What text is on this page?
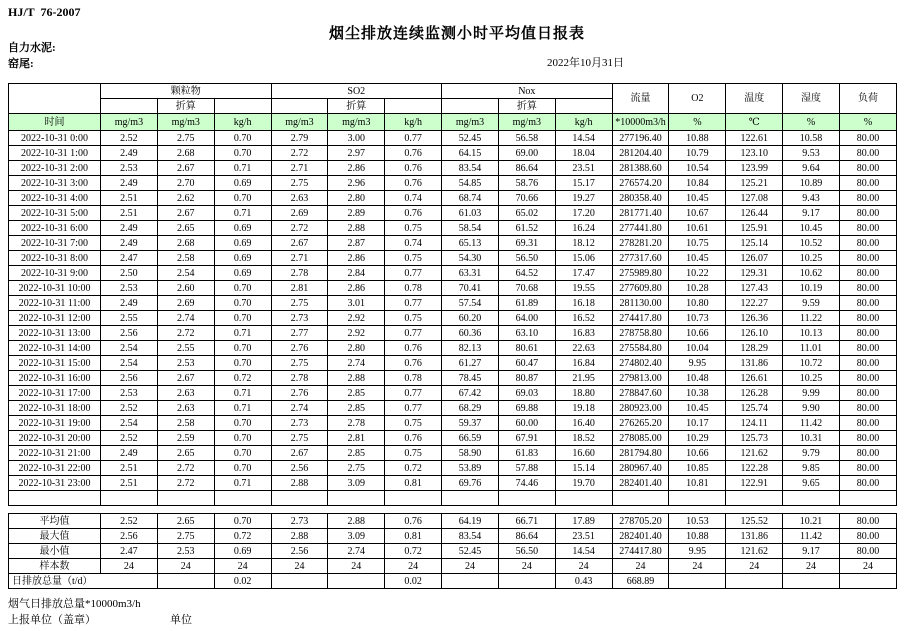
HJ/T  76-2007
烟尘排放连续监测小时平均值日报表
自力水泥:
窑尾:	2022年10月31日
	颗粒物			SO2			Nox			流量	O2	温度	湿度	负荷
		折算			折算			折算						
时间	mg/m3	mg/m3	kg/h	mg/m3	mg/m3	kg/h	mg/m3	mg/m3	kg/h	*10000m3/h	%	℃	%	%
2022-10-31 0:00	2.52	2.75	0.70	2.79	3.00	0.77	52.45	56.58	14.54	277196.40	10.88	122.61	10.58	80.00
2022-10-31 1:00	2.49	2.68	0.70	2.72	2.97	0.76	64.15	69.00	18.04	281204.40	10.79	123.10	9.53	80.00
2022-10-31 2:00	2.53	2.67	0.71	2.71	2.86	0.76	83.54	86.64	23.51	281388.60	10.54	123.99	9.64	80.00
2022-10-31 3:00	2.49	2.70	0.69	2.75	2.96	0.76	54.85	58.76	15.17	276574.20	10.84	125.21	10.89	80.00
2022-10-31 4:00	2.51	2.62	0.70	2.63	2.80	0.74	68.74	70.66	19.27	280358.40	10.45	127.08	9.43	80.00
2022-10-31 5:00	2.51	2.67	0.71	2.69	2.89	0.76	61.03	65.02	17.20	281771.40	10.67	126.44	9.17	80.00
2022-10-31 6:00	2.49	2.65	0.69	2.72	2.88	0.75	58.54	61.52	16.24	277441.80	10.61	125.91	10.45	80.00
2022-10-31 7:00	2.49	2.68	0.69	2.67	2.87	0.74	65.13	69.31	18.12	278281.20	10.75	125.14	10.52	80.00
2022-10-31 8:00	2.47	2.58	0.69	2.71	2.86	0.75	54.30	56.50	15.06	277317.60	10.45	126.07	10.25	80.00
2022-10-31 9:00	2.50	2.54	0.69	2.78	2.84	0.77	63.31	64.52	17.47	275989.80	10.22	129.31	10.62	80.00
2022-10-31 10:00	2.53	2.60	0.70	2.81	2.86	0.78	70.41	70.68	19.55	277609.80	10.28	127.43	10.19	80.00
2022-10-31 11:00	2.49	2.69	0.70	2.75	3.01	0.77	57.54	61.89	16.18	281130.00	10.80	122.27	9.59	80.00
2022-10-31 12:00	2.55	2.74	0.70	2.73	2.92	0.75	60.20	64.00	16.52	274417.80	10.73	126.36	11.22	80.00
2022-10-31 13:00	2.56	2.72	0.71	2.77	2.92	0.77	60.36	63.10	16.83	278758.80	10.66	126.10	10.13	80.00
2022-10-31 14:00	2.54	2.55	0.70	2.76	2.80	0.76	82.13	80.61	22.63	275584.80	10.04	128.29	11.01	80.00
2022-10-31 15:00	2.54	2.53	0.70	2.75	2.74	0.76	61.27	60.47	16.84	274802.40	9.95	131.86	10.72	80.00
2022-10-31 16:00	2.56	2.67	0.72	2.78	2.88	0.78	78.45	80.87	21.95	279813.00	10.48	126.61	10.25	80.00
2022-10-31 17:00	2.53	2.63	0.71	2.76	2.85	0.77	67.42	69.03	18.80	278847.60	10.38	126.28	9.99	80.00
2022-10-31 18:00	2.52	2.63	0.71	2.74	2.85	0.77	68.29	69.88	19.18	280923.00	10.45	125.74	9.90	80.00
2022-10-31 19:00	2.54	2.58	0.70	2.73	2.78	0.75	59.37	60.00	16.40	276265.20	10.17	124.11	11.42	80.00
2022-10-31 20:00	2.52	2.59	0.70	2.75	2.81	0.76	66.59	67.91	18.52	278085.00	10.29	125.73	10.31	80.00
2022-10-31 21:00	2.49	2.65	0.70	2.67	2.85	0.75	58.90	61.83	16.60	281794.80	10.66	121.62	9.79	80.00
2022-10-31 22:00	2.51	2.72	0.70	2.56	2.75	0.72	53.89	57.88	15.14	280967.40	10.85	122.28	9.85	80.00
2022-10-31 23:00	2.51	2.72	0.71	2.88	3.09	0.81	69.76	74.46	19.70	282401.40	10.81	122.91	9.65	80.00

平均值	2.52	2.65	0.70	2.73	2.88	0.76	64.19	66.71	17.89	278705.20	10.53	125.52	10.21	80.00
最大值	2.56	2.75	0.72	2.88	3.09	0.81	83.54	86.64	23.51	282401.40	10.88	131.86	11.42	80.00
最小值	2.47	2.53	0.69	2.56	2.74	0.72	52.45	56.50	14.54	274417.80	9.95	121.62	9.17	80.00
样本数	24	24	24	24	24	24	24	24	24	24	24	24	24	24
日排放总量（t/d）			0.02			0.02			0.43	668.89				
烟气日排放总量*10000m3/h
上报单位（盖章）	单位
